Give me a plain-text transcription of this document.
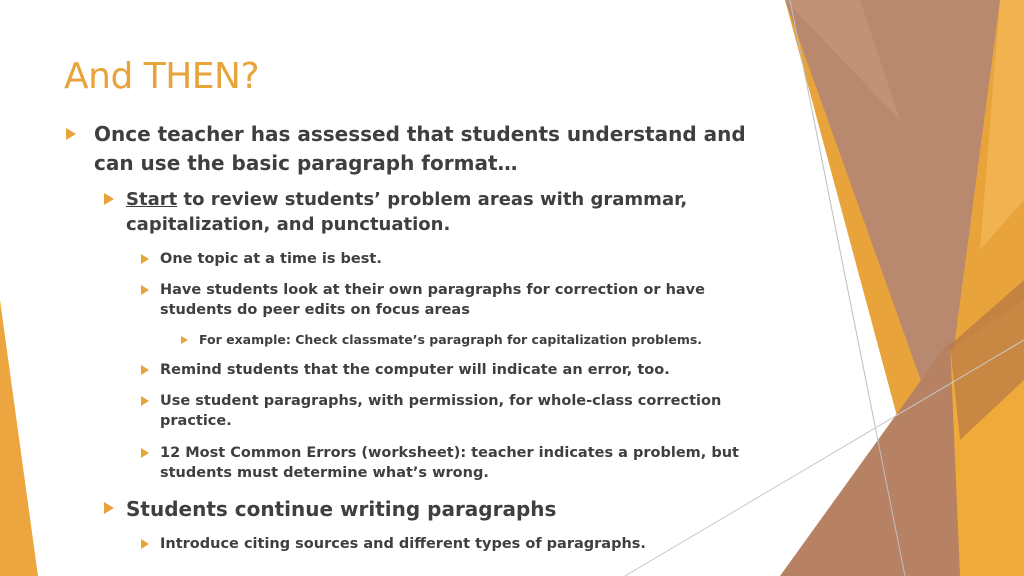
And THEN?
Once teacher has assessed that students understand and can use the basic paragraph format…
Start to review students’ problem areas with grammar, capitalization, and punctuation.
One topic at a time is best.
Have students look at their own paragraphs for correction or have students do peer edits on focus areas
For example: Check classmate’s paragraph for capitalization problems.
Remind students that the computer will indicate an error, too.
Use student paragraphs, with permission, for whole-class correction practice.
12 Most Common Errors (worksheet): teacher indicates a problem, but students must determine what’s wrong.
Students continue writing paragraphs
Introduce citing sources and different types of paragraphs.
